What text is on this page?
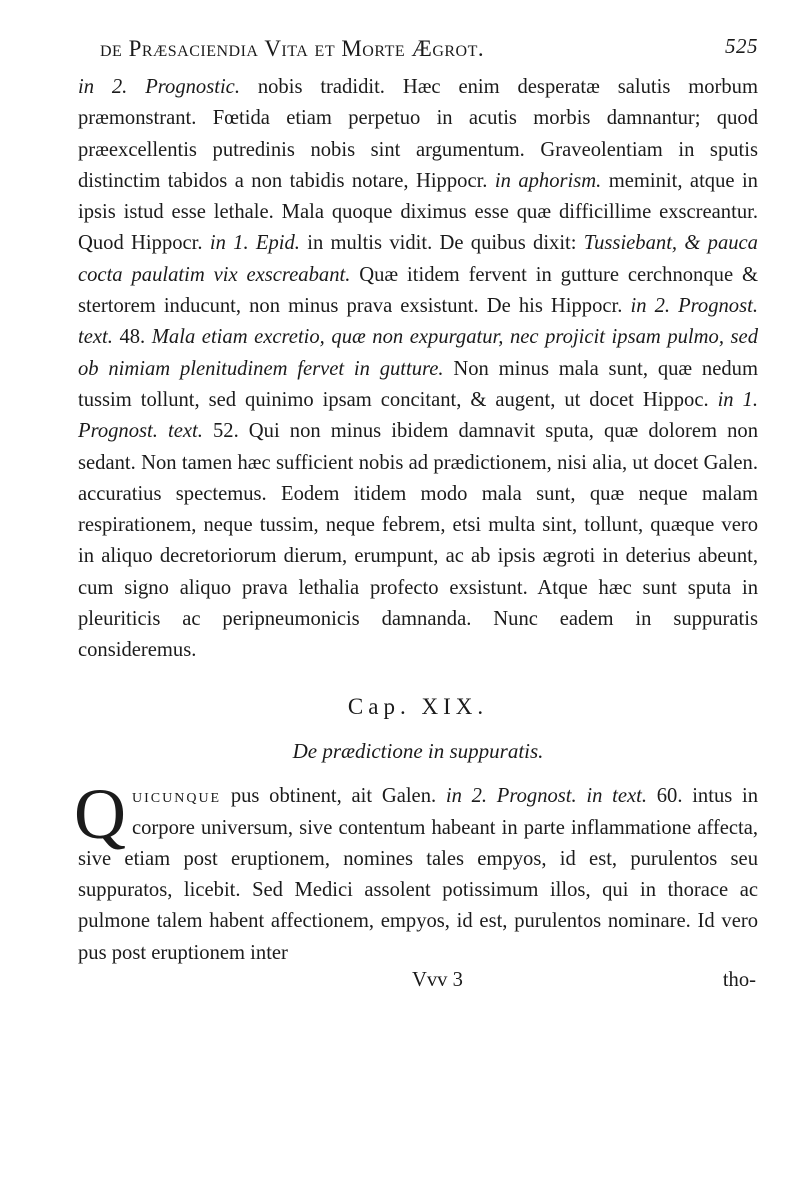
de Præsaciendia Vita et Morte Ægrot.	525

in 2. Prognostic. nobis tradidit. Hæc enim desperatæ salutis morbum præmonstrant. Fœtida etiam perpetuo in acutis morbis damnantur; quod præexcellentis putredinis nobis sint argumentum. Graveolentiam in sputis distinctim tabidos a non tabidis notare, Hippocr. in aphorism. meminit, atque in ipsis istud esse lethale. Mala quoque diximus esse quæ difficillime exscreantur. Quod Hippocr. in 1. Epid. in multis vidit. De quibus dixit: Tussiebant, & pauca cocta paulatim vix exscreabant. Quæ itidem fervent in gutture cerchnonque & stertorem inducunt, non minus prava exsistunt. De his Hippocr. in 2. Prognost. text. 48. Mala etiam excretio, quæ non expurgatur, nec projicit ipsam pulmo, sed ob nimiam plenitudinem fervet in gutture. Non minus mala sunt, quæ nedum tussim tollunt, sed quinimo ipsam concitant, & augent, ut docet Hippoc. in 1. Prognost. text. 52. Qui non minus ibidem damnavit sputa, quæ dolorem non sedant. Non tamen hæc sufficient nobis ad prædictionem, nisi alia, ut docet Galen. accuratius spectemus. Eodem itidem modo mala sunt, quæ neque malam respirationem, neque tussim, neque febrem, etsi multa sint, tollunt, quæque vero in aliquo decretoriorum dierum, erumpunt, ac ab ipsis ægroti in deterius abeunt, cum signo aliquo prava lethalia profecto exsistunt. Atque hæc sunt sputa in pleuriticis ac peripneumonicis damnanda. Nunc eadem in suppuratis consideremus.

Cap. XIX.
De prædictione in suppuratis.

Quicunque pus obtinent, ait Galen. in 2. Prognost. in text. 60. intus in corpore universum, sive contentum habeant in parte inflammatione affecta, sive etiam post eruptionem, nomines tales empyos, id est, purulentos seu suppuratos, licebit. Sed Medici assolent potissimum illos, qui in thorace ac pulmone talem habent affectionem, empyos, id est, purulentos nominare. Id vero pus post eruptionem inter

Vvv 3	tho-
